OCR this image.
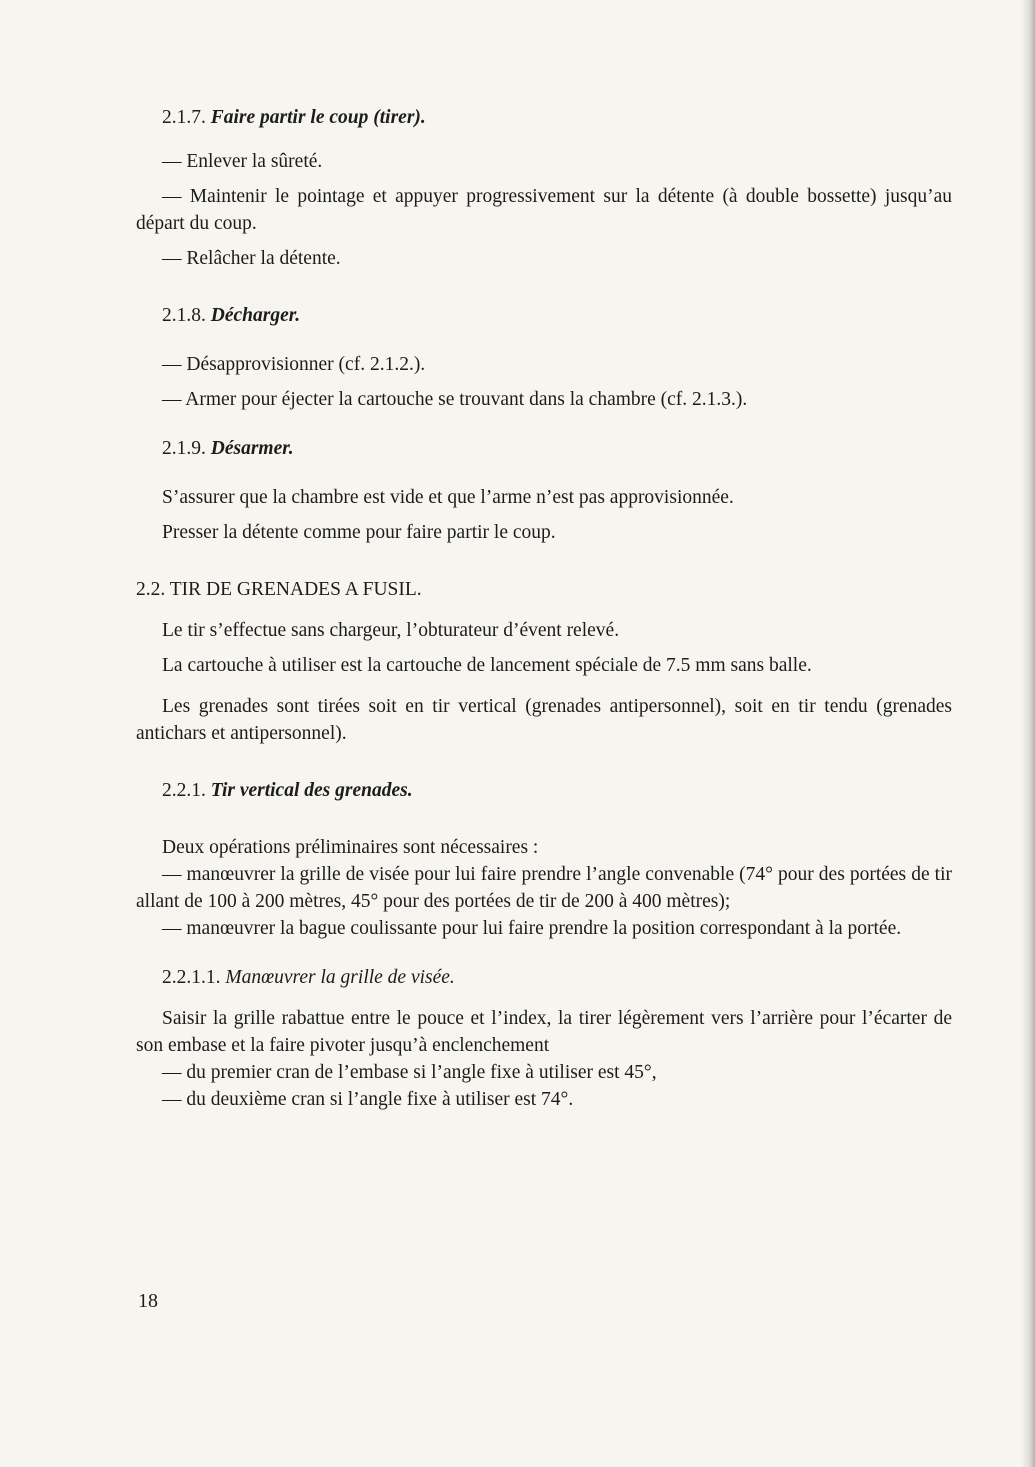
2.1.7. Faire partir le coup (tirer).

— Enlever la sûreté.

— Maintenir le pointage et appuyer progressivement sur la détente (à double bossette) jusqu’au départ du coup.

— Relâcher la détente.

2.1.8. Décharger.

— Désapprovisionner (cf. 2.1.2.).

— Armer pour éjecter la cartouche se trouvant dans la chambre (cf. 2.1.3.).

2.1.9. Désarmer.

S’assurer que la chambre est vide et que l’arme n’est pas approvisionnée.

Presser la détente comme pour faire partir le coup.

2.2. TIR DE GRENADES A FUSIL.

Le tir s’effectue sans chargeur, l’obturateur d’évent relevé.

La cartouche à utiliser est la cartouche de lancement spéciale de 7.5 mm sans balle.

Les grenades sont tirées soit en tir vertical (grenades antipersonnel), soit en tir tendu (grenades antichars et antipersonnel).

2.2.1. Tir vertical des grenades.

Deux opérations préliminaires sont nécessaires :

— manœuvrer la grille de visée pour lui faire prendre l’angle convenable (74° pour des portées de tir allant de 100 à 200 mètres, 45° pour des portées de tir de 200 à 400 mètres);

— manœuvrer la bague coulissante pour lui faire prendre la position correspondant à la portée.

2.2.1.1. Manœuvrer la grille de visée.

Saisir la grille rabattue entre le pouce et l’index, la tirer légèrement vers l’arrière pour l’écarter de son embase et la faire pivoter jusqu’à enclenchement

— du premier cran de l’embase si l’angle fixe à utiliser est 45°,

— du deuxième cran si l’angle fixe à utiliser est 74°.

18
